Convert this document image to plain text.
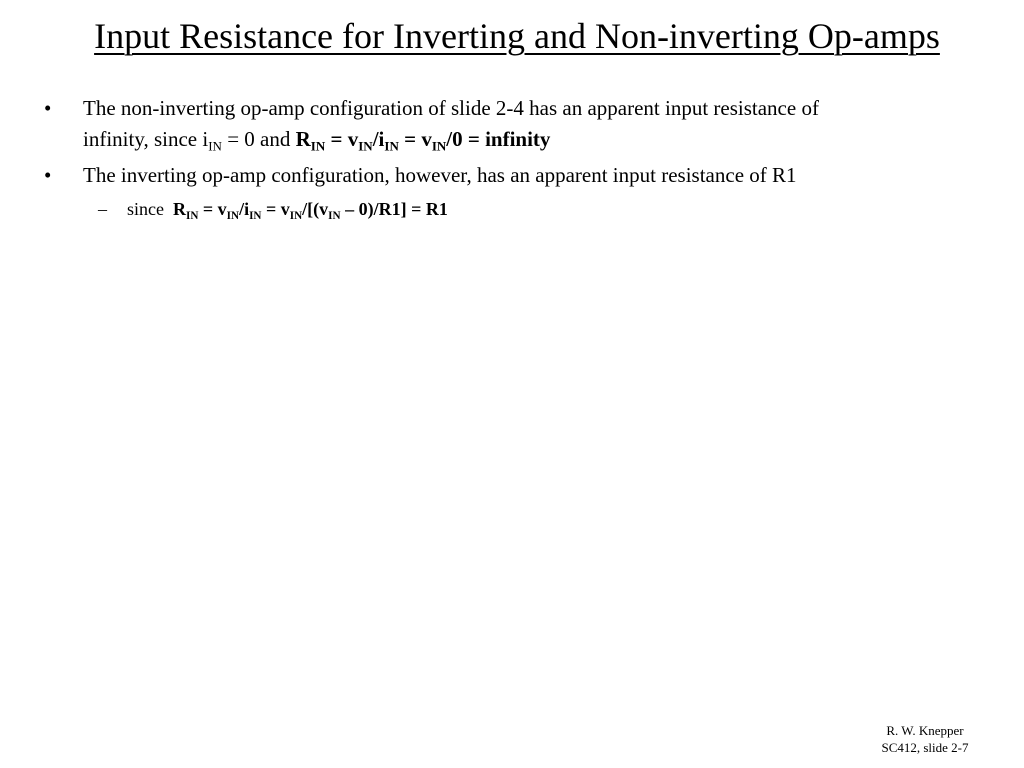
Input Resistance for Inverting and Non-inverting Op-amps
• The non-inverting op-amp configuration of slide 2-4 has an apparent input resistance of
infinity, since $i_{IN} = 0$ and $R_{IN} = v_{IN}/i_{IN} = v_{IN}/0$ = infinity
• The inverting op-amp configuration, however, has an apparent input resistance of R1
– since $R_{IN} = v_{IN}/i_{IN} = v_{IN}/[(v_{IN} - 0)/R1] = R1$
R. W. Knepper
SC412, slide 2-7
